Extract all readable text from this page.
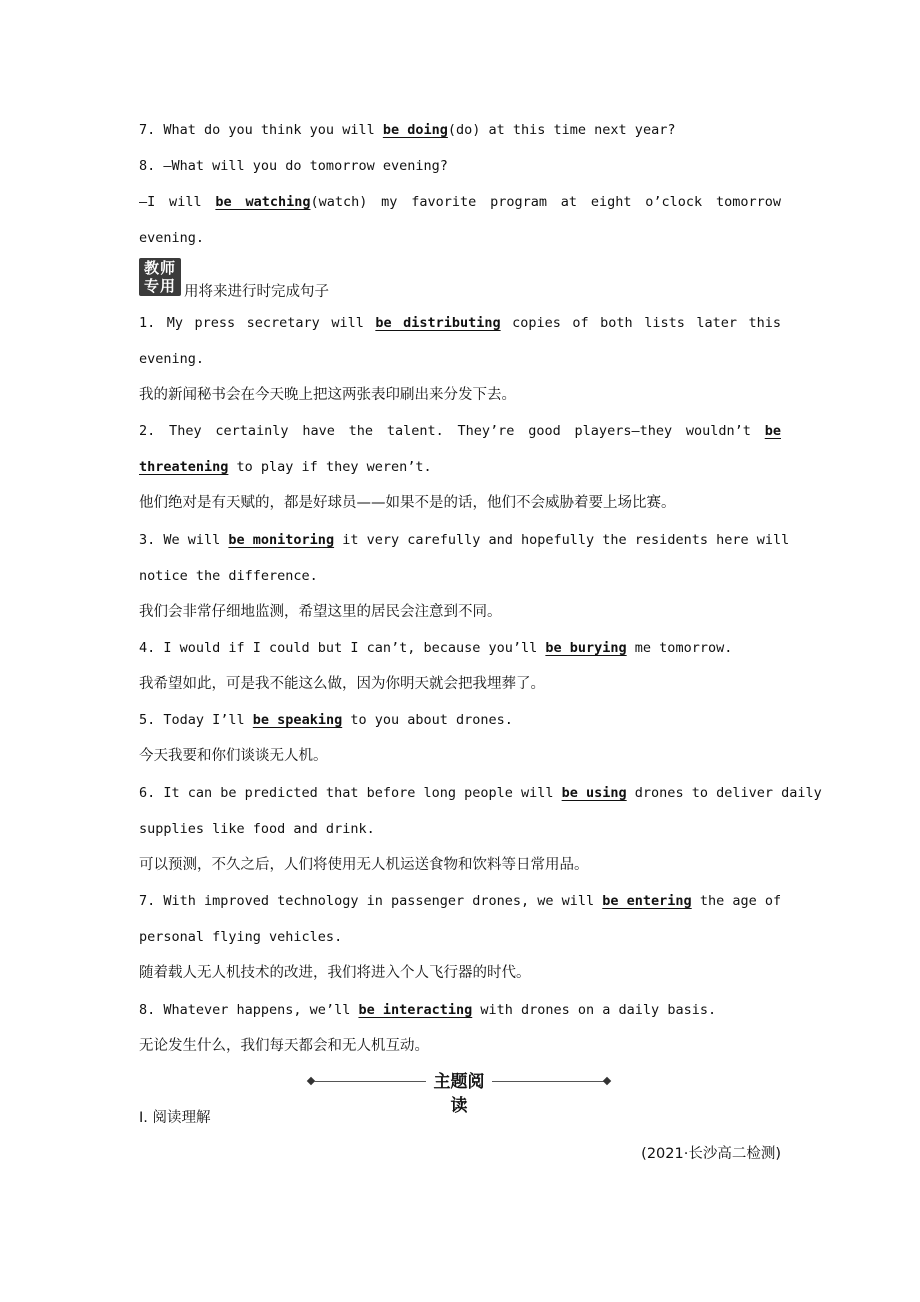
7. What do you think you will be doing(do) at this time next year?
8. —What will you do tomorrow evening?
—I will be watching(watch) my favorite program at eight o’clock tomorrow
evening.
教师
专用 用将来进行时完成句子
1. My press secretary will be distributing copies of both lists later this
evening.
我的新闻秘书会在今天晚上把这两张表印刷出来分发下去。
2. They certainly have the talent. They’re good players—they wouldn’t be
threatening to play if they weren’t.
他们绝对是有天赋的，都是好球员——如果不是的话，他们不会威胁着要上场比赛。
3. We will be monitoring it very carefully and hopefully the residents here will
notice the difference.
我们会非常仔细地监测，希望这里的居民会注意到不同。
4. I would if I could but I can’t, because you’ll be burying me tomorrow.
我希望如此，可是我不能这么做，因为你明天就会把我埋葬了。
5. Today I’ll be speaking to you about drones.
今天我要和你们谈谈无人机。
6. It can be predicted that before long people will be using drones to deliver daily
supplies like food and drink.
可以预测，不久之后，人们将使用无人机运送食物和饮料等日常用品。
7. With improved technology in passenger drones, we will be entering the age of
personal flying vehicles.
随着载人无人机技术的改进，我们将进入个人飞行器的时代。
8. Whatever happens, we’ll be interacting with drones on a daily basis.
无论发生什么，我们每天都会和无人机互动。
主题阅读
Ⅰ. 阅读理解
(2021·长沙高二检测)
